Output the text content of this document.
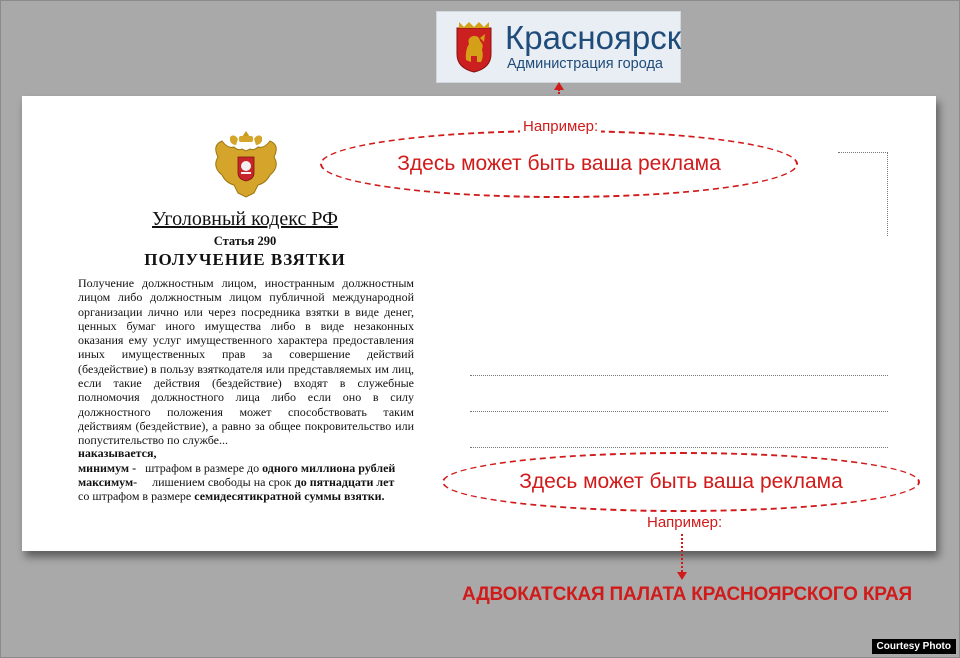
Красноярск
Администрация города
Уголовный кодекс РФ
Статья 290
ПОЛУЧЕНИЕ ВЗЯТКИ
Получение должностным лицом, иностранным должностным лицом либо должностным лицом публичной международной организации лично или через посредника взятки в виде денег, ценных бумаг иного имущества либо в виде незаконных оказания ему услуг имущественного характера предоставления иных имущественных прав за совершение действий (бездействие) в пользу взяткодателя или представляемых им лиц, если такие действия (бездействие) входят в служебные полномочия должностного лица либо если оно в силу должностного положения может способствовать таким действиям (бездействие), а равно за общее покровительство или попустительство по службе...
наказывается,
минимум - штрафом в размере до одного миллиона рублей
максимум- лишением свободы на срок до пятнадцати лет
со штрафом в размере семидесятикратной суммы взятки.
Здесь может быть ваша реклама
Например:
Здесь может быть ваша реклама
Например:
АДВОКАТСКАЯ ПАЛАТА КРАСНОЯРСКОГО КРАЯ
Courtesy Photo
